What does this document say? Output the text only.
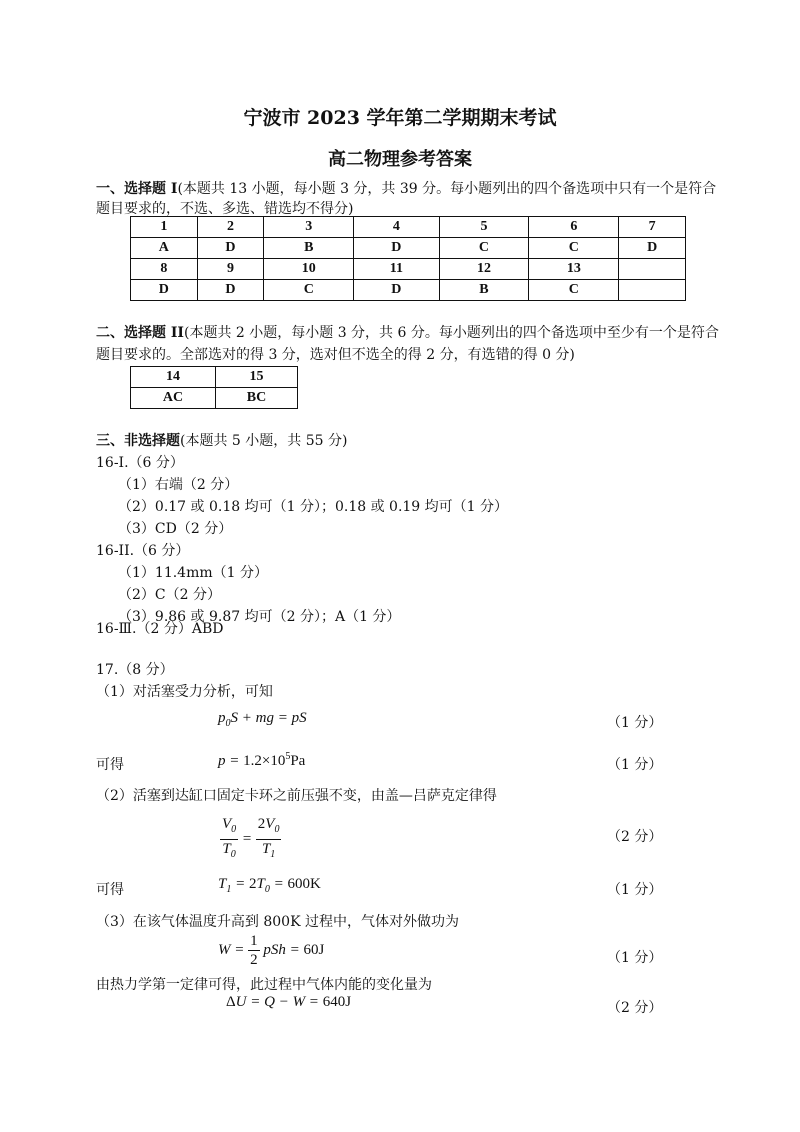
宁波市 2023 学年第二学期期末考试
高二物理参考答案
一、选择题 I(本题共 13 小题，每小题 3 分，共 39 分。每小题列出的四个备选项中只有一个是符合
题目要求的，不选、多选、错选均不得分)
1	2	3	4	5	6	7
A	D	B	D	C	C	D
8	9	10	11	12	13	
D	D	C	D	B	C	
二、选择题 II(本题共 2 小题，每小题 3 分，共 6 分。每小题列出的四个备选项中至少有一个是符合
题目要求的。全部选对的得 3 分，选对但不选全的得 2 分，有选错的得 0 分)
14	15
AC	BC
三、非选择题(本题共 5 小题，共 55 分)
16-I.（6 分）
（1）右端（2 分）
（2）0.17 或 0.18 均可（1 分）；0.18 或 0.19 均可（1 分）
（3）CD（2 分）
16-II.（6 分）
（1）11.4mm（1 分）
（2）C（2 分）
（3）9.86 或 9.87 均可（2 分）；A（1 分）
16-Ⅲ.（2 分）ABD
17.（8 分）
（1）对活塞受力分析，可知
$p_0S$ + mg = pS	（1 分）
可得	$p = 1.2\times 10^5Pa$	（1 分）
（2）活塞到达缸口固定卡环之前压强不变，由盖—吕萨克定律得
$\frac{V_0}{T_0} = \frac{2V_0}{T_1}$	（2 分）
可得	$T_1 = 2T_0 = 600K$	（1 分）
（3）在该气体温度升高到 800K 过程中，气体对外做功为
$W = \frac{1}{2}$ pSh = 60J
（1 分）
由热力学第一定律可得，此过程中气体内能的变化量为
ΔU = Q − W = 640J	（2 分）
